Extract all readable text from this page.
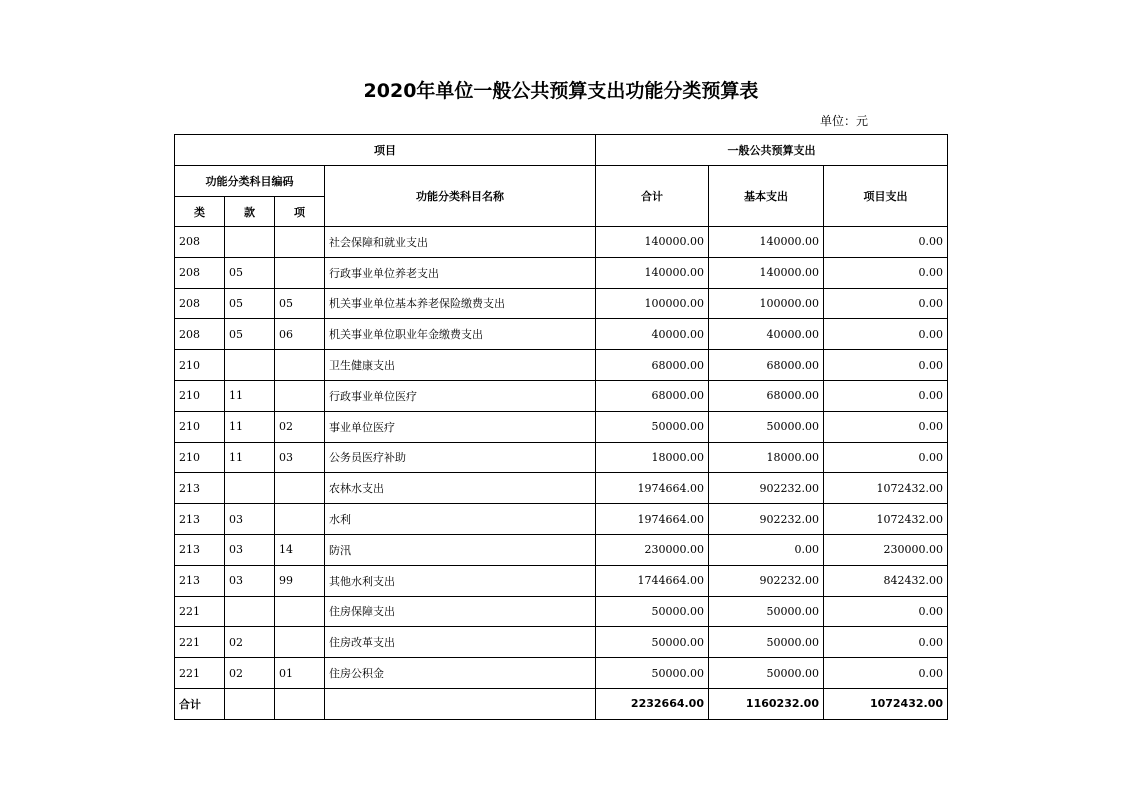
2020年单位一般公共预算支出功能分类预算表
单位：元
项目				一般公共预算支出		
功能分类科目编码			功能分类科目名称	合计	基本支出	项目支出
类	款	项				
208			社会保障和就业支出	140000.00	140000.00	0.00
208	05		行政事业单位养老支出	140000.00	140000.00	0.00
208	05	05	机关事业单位基本养老保险缴费支出	100000.00	100000.00	0.00
208	05	06	机关事业单位职业年金缴费支出	40000.00	40000.00	0.00
210			卫生健康支出	68000.00	68000.00	0.00
210	11		行政事业单位医疗	68000.00	68000.00	0.00
210	11	02	事业单位医疗	50000.00	50000.00	0.00
210	11	03	公务员医疗补助	18000.00	18000.00	0.00
213			农林水支出	1974664.00	902232.00	1072432.00
213	03		水利	1974664.00	902232.00	1072432.00
213	03	14	防汛	230000.00	0.00	230000.00
213	03	99	其他水利支出	1744664.00	902232.00	842432.00
221			住房保障支出	50000.00	50000.00	0.00
221	02		住房改革支出	50000.00	50000.00	0.00
221	02	01	住房公积金	50000.00	50000.00	0.00
合计				2232664.00	1160232.00	1072432.00
